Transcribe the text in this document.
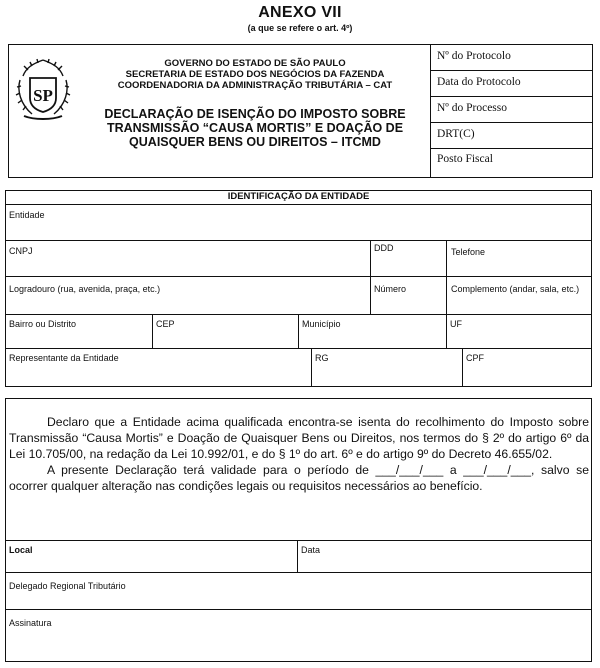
ANEXO VII
(a que se refere o art. 4º)
SP
GOVERNO DO ESTADO DE SÃO PAULO
SECRETARIA DE ESTADO DOS NEGÓCIOS DA FAZENDA
COORDENADORIA DA ADMINISTRAÇÃO TRIBUTÁRIA – CAT
DECLARAÇÃO DE ISENÇÃO DO IMPOSTO SOBRE
TRANSMISSÃO “CAUSA MORTIS” E DOAÇÃO DE
QUAISQUER BENS OU DIREITOS – ITCMD
Nº do Protocolo
Data do Protocolo
Nº do Processo
DRT(C)
Posto Fiscal
IDENTIFICAÇÃO DA ENTIDADE
Entidade
CNPJ	DDD	Telefone
Logradouro (rua, avenida, praça, etc.)	Número	Complemento (andar, sala, etc.)
Bairro ou Distrito	CEP	Município	UF
Representante da Entidade	RG	CPF

Declaro que a Entidade acima qualificada encontra-se isenta do recolhimento do Imposto sobre Transmissão “Causa Mortis” e Doação de Quaisquer Bens ou Direitos, nos termos do § 2º do artigo 6º da Lei 10.705/00, na redação da Lei 10.992/01, e do § 1º do art. 6º e do artigo 9º do Decreto 46.655/02.

A presente Declaração terá validade para o período de ___/___/___ a ___/___/___, salvo se ocorrer qualquer alteração nas condições legais ou requisitos necessários ao benefício.

Local	Data
Delegado Regional Tributário
Assinatura
